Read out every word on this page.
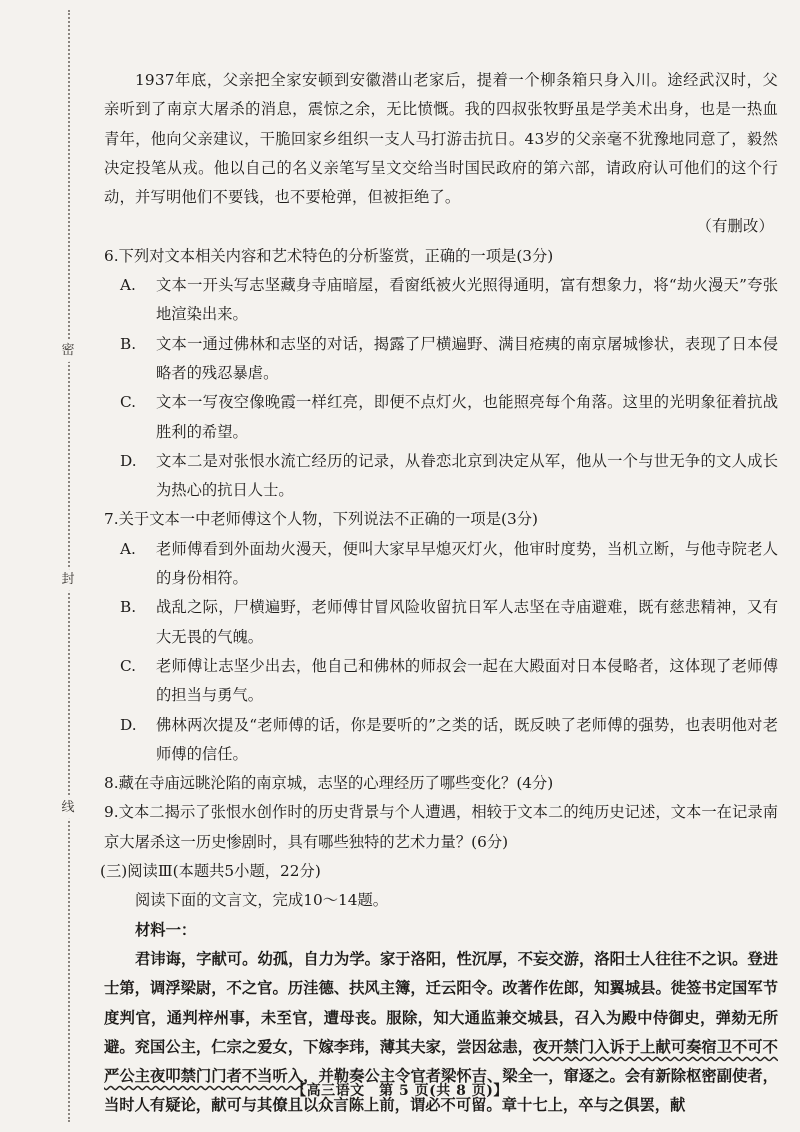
密
封
线

1937年底，父亲把全家安顿到安徽潜山老家后，提着一个柳条箱只身入川。途经武汉时，父亲听到了南京大屠杀的消息，震惊之余，无比愤慨。我的四叔张牧野虽是学美术出身，也是一热血青年，他向父亲建议，干脆回家乡组织一支人马打游击抗日。43岁的父亲毫不犹豫地同意了，毅然决定投笔从戎。他以自己的名义亲笔写呈文交给当时国民政府的第六部，请政府认可他们的这个行动，并写明他们不要钱，也不要枪弹，但被拒绝了。

（有删改）

6.下列对文本相关内容和艺术特色的分析鉴赏，正确的一项是(3分)

A.	文本一开头写志坚藏身寺庙暗屋，看窗纸被火光照得通明，富有想象力，将“劫火漫天”夸张地渲染出来。
B.	文本一通过佛林和志坚的对话，揭露了尸横遍野、满目疮痍的南京屠城惨状，表现了日本侵略者的残忍暴虐。
C.	文本一写夜空像晚霞一样红亮，即便不点灯火，也能照亮每个角落。这里的光明象征着抗战胜利的希望。
D.	文本二是对张恨水流亡经历的记录，从眷恋北京到决定从军，他从一个与世无争的文人成长为热心的抗日人士。

7.关于文本一中老师傅这个人物，下列说法不正确的一项是(3分)

A.	老师傅看到外面劫火漫天，便叫大家早早熄灭灯火，他审时度势，当机立断，与他寺院老人的身份相符。
B.	战乱之际，尸横遍野，老师傅甘冒风险收留抗日军人志坚在寺庙避难，既有慈悲精神，又有大无畏的气魄。
C.	老师傅让志坚少出去，他自己和佛林的师叔会一起在大殿面对日本侵略者，这体现了老师傅的担当与勇气。
D.	佛林两次提及“老师傅的话，你是要听的”之类的话，既反映了老师傅的强势，也表明他对老师傅的信任。

8.藏在寺庙远眺沦陷的南京城，志坚的心理经历了哪些变化？(4分)

9.文本二揭示了张恨水创作时的历史背景与个人遭遇，相较于文本二的纯历史记述，文本一在记录南京大屠杀这一历史惨剧时，具有哪些独特的艺术力量？(6分)

(三)阅读Ⅲ(本题共5小题，22分)

阅读下面的文言文，完成10～14题。

材料一：

君讳诲，字献可。幼孤，自力为学。家于洛阳，性沉厚，不妄交游，洛阳士人往往不之识。登进士第，调浮梁尉，不之官。历洼德、扶风主簿，迁云阳令。改著作佐郎，知翼城县。徙签书定国军节度判官，通判梓州事，未至官，遭母丧。服除，知大通监兼交城县，召入为殿中侍御史，弹劾无所避。兖国公主，仁宗之爱女，下嫁李玮，薄其夫家，尝因忿恚，夜开禁门入诉于上献可奏宿卫不可不严公主夜叩禁门门者不当听入，并勒奏公主令官者梁怀吉、梁全一，窜逐之。会有新除枢密副使者，当时人有疑论，献可与其僚且以众言陈上前，谓必不可留。章十七上，卒与之俱罢，献

【高三语文　第 5 页(共 8 页)】
